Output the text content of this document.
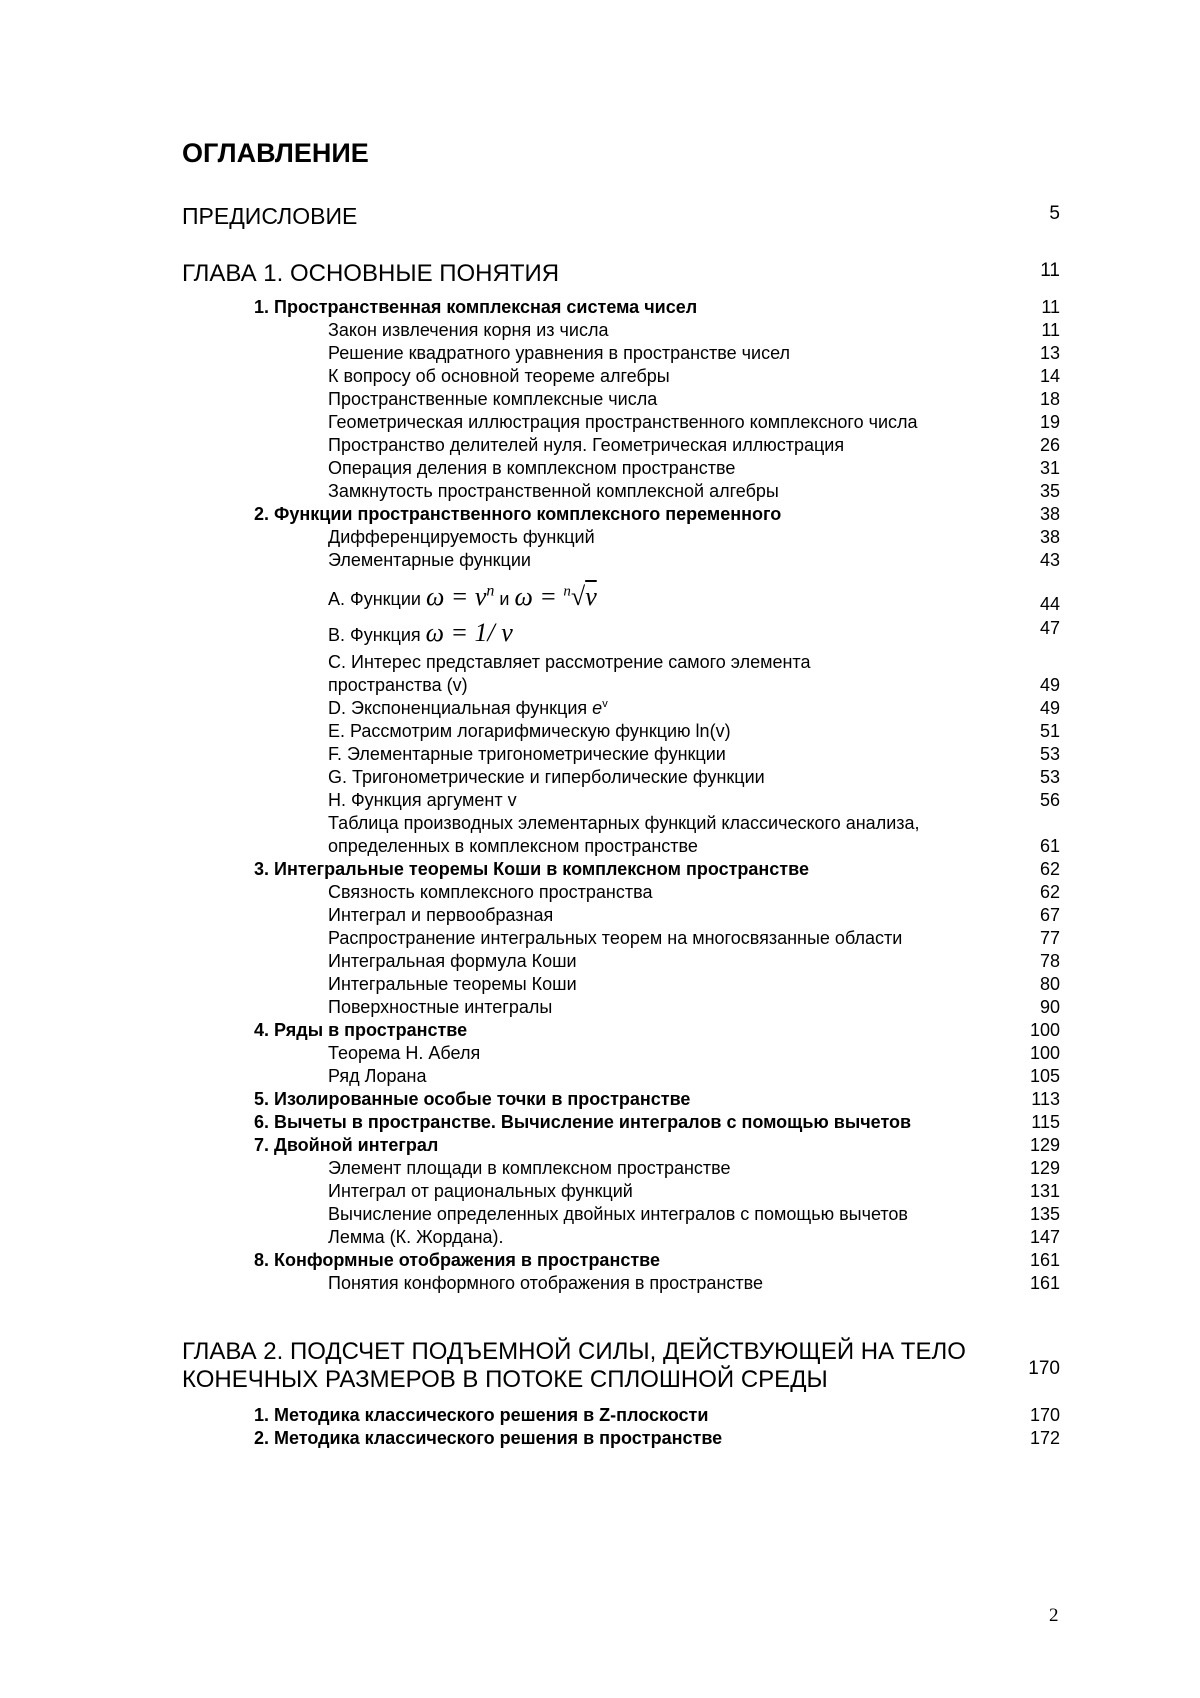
ОГЛАВЛЕНИЕ
ПРЕДИСЛОВИЕ	5
ГЛАВА 1. ОСНОВНЫЕ ПОНЯТИЯ	11
1. Пространственная комплексная система чисел	11
Закон извлечения корня из числа	11
Решение квадратного уравнения в пространстве чисел	13
К вопросу об основной теореме алгебры	14
Пространственные комплексные числа	18
Геометрическая иллюстрация пространственного комплексного числа	19
Пространство делителей нуля. Геометрическая иллюстрация	26
Операция деления в комплексном пространстве	31
Замкнутость пространственной комплексной алгебры	35
2. Функции пространственного комплексного переменного	38
Дифференцируемость функций	38
Элементарные функции	43
А. Функции $\omega = v^n$ и ω = $^n$√v	44
B. Функция ω = 1/ v	47
C. Интерес представляет рассмотрение самого элемента
пространства (v)	49
D. Экспоненциальная функция $e^v$	49
E. Рассмотрим логарифмическую функцию ln(v)	51
F. Элементарные тригонометрические функции	53
G. Тригонометрические и гиперболические функции	53
H. Функция аргумент v	56
Таблица производных элементарных функций классического анализа,
определенных в комплексном пространстве	61
3. Интегральные теоремы Коши в комплексном пространстве	62
Связность комплексного пространства	62
Интеграл и первообразная	67
Распространение интегральных теорем на многосвязанные области	77
Интегральная формула Коши	78
Интегральные теоремы Коши	80
Поверхностные интегралы	90
4. Ряды в пространстве	100
Теорема Н. Абеля	100
Ряд Лорана	105
5. Изолированные особые точки в пространстве	113
6. Вычеты в пространстве. Вычисление интегралов с помощью вычетов	115
7. Двойной интеграл	129
Элемент площади в комплексном пространстве	129
Интеграл от рациональных функций	131
Вычисление определенных двойных интегралов с помощью вычетов	135
Лемма (К. Жордана).	147
8. Конформные отображения в пространстве	161
Понятия конформного отображения в пространстве	161
ГЛАВА 2. ПОДСЧЕТ ПОДЪЕМНОЙ СИЛЫ, ДЕЙСТВУЮЩЕЙ НА ТЕЛО
КОНЕЧНЫХ РАЗМЕРОВ В ПОТОКЕ СПЛОШНОЙ СРЕДЫ	170
1. Методика классического решения в Z-плоскости	170
2. Методика классического решения в пространстве	172
2
